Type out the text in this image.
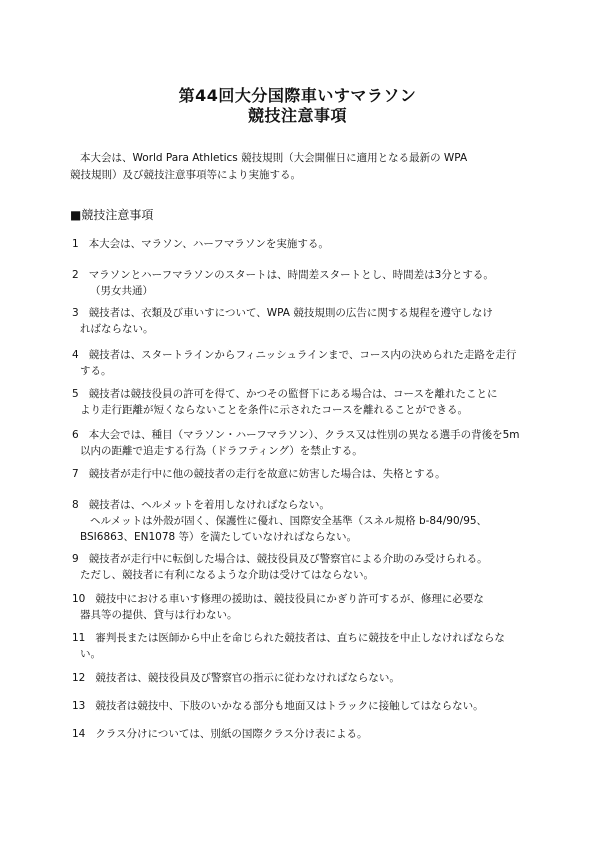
第44回大分国際車いすマラソン
競技注意事項
本大会は、World Para Athletics 競技規則（大会開催日に適用となる最新の WPA
競技規則）及び競技注意事項等により実施する。
■競技注意事項
1 本大会は、マラソン、ハーフマラソンを実施する。
2 マラソンとハーフマラソンのスタートは、時間差スタートとし、時間差は3分とする。
（男女共通）
3 競技者は、衣類及び車いすについて、WPA 競技規則の広告に関する規程を遵守しなけ
ればならない。
4 競技者は、スタートラインからフィニッシュラインまで、コース内の決められた走路を走行
する。
5 競技者は競技役員の許可を得て、かつその監督下にある場合は、コースを離れたことに
より走行距離が短くならないことを条件に示されたコースを離れることができる。
6 本大会では、種目（マラソン・ハーフマラソン）、クラス又は性別の異なる選手の背後を5m
以内の距離で追走する行為（ドラフティング）を禁止する。
7 競技者が走行中に他の競技者の走行を故意に妨害した場合は、失格とする。
8 競技者は、ヘルメットを着用しなければならない。
ヘルメットは外殻が固く、保護性に優れ、国際安全基準（スネル規格 b-84/90/95、
BSI6863、EN1078 等）を満たしていなければならない。
9 競技者が走行中に転倒した場合は、競技役員及び警察官による介助のみ受けられる。
ただし、競技者に有利になるような介助は受けてはならない。
10 競技中における車いす修理の援助は、競技役員にかぎり許可するが、修理に必要な
器具等の提供、貸与は行わない。
11 審判長または医師から中止を命じられた競技者は、直ちに競技を中止しなければならな
い。
12 競技者は、競技役員及び警察官の指示に従わなければならない。
13 競技者は競技中、下肢のいかなる部分も地面又はトラックに接触してはならない。
14 クラス分けについては、別紙の国際クラス分け表による。
